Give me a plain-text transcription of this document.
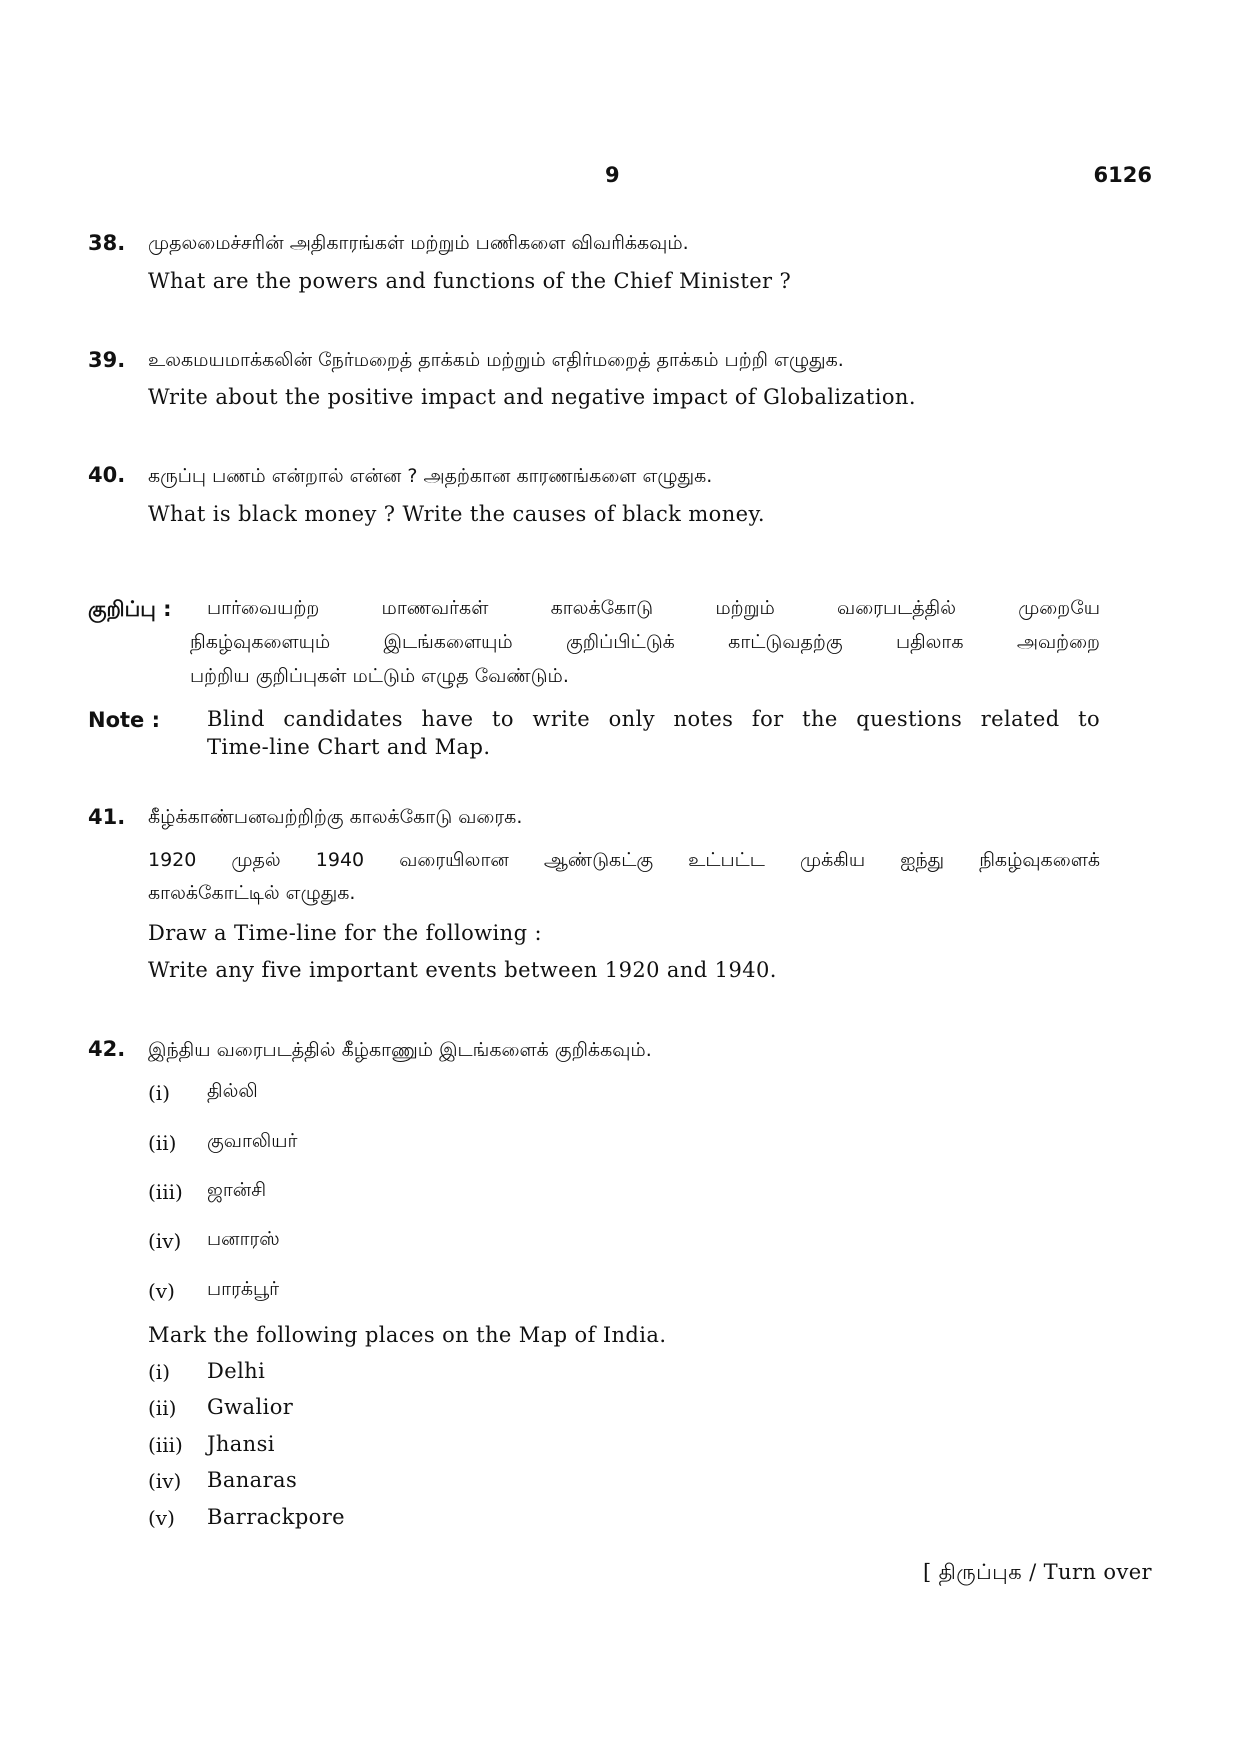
9	6126
38. முதலமைச்சரின் அதிகாரங்கள் மற்றும் பணிகளை விவரிக்கவும்.
What are the powers and functions of the Chief Minister ?
39. உலகமயமாக்கலின் நேர்மறைத் தாக்கம் மற்றும் எதிர்மறைத் தாக்கம் பற்றி எழுதுக.
Write about the positive impact and negative impact of Globalization.
40. கருப்பு பணம் என்றால் என்ன ? அதற்கான காரணங்களை எழுதுக.
What is black money ? Write the causes of black money.
குறிப்பு : பார்வையற்ற மாணவர்கள் காலக்கோடு மற்றும் வரைபடத்தில் முறையே
நிகழ்வுகளையும் இடங்களையும் குறிப்பிட்டுக் காட்டுவதற்கு பதிலாக அவற்றை
பற்றிய குறிப்புகள் மட்டும் எழுத வேண்டும்.
Note : Blind candidates have to write only notes for the questions related to
Time-line Chart and Map.
41. கீழ்க்காண்பனவற்றிற்கு காலக்கோடு வரைக.
1920 முதல் 1940 வரையிலான ஆண்டுகட்கு உட்பட்ட முக்கிய ஐந்து நிகழ்வுகளைக்
காலக்கோட்டில் எழுதுக.
Draw a Time-line for the following :
Write any five important events between 1920 and 1940.
42. இந்திய வரைபடத்தில் கீழ்காணும் இடங்களைக் குறிக்கவும்.
(i) தில்லி
(ii) குவாலியர்
(iii) ஜான்சி
(iv) பனாரஸ்
(v) பாரக்பூர்
Mark the following places on the Map of India.
(i) Delhi
(ii) Gwalior
(iii) Jhansi
(iv) Banaras
(v) Barrackpore
[ திருப்புக / Turn over
